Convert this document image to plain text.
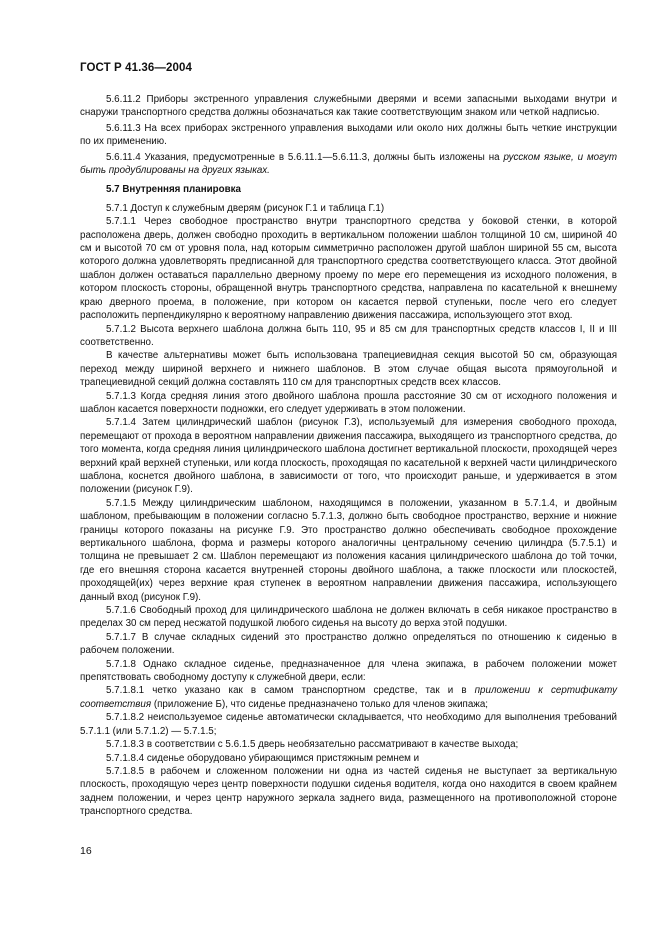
ГОСТ Р 41.36—2004

5.6.11.2 Приборы экстренного управления служебными дверями и всеми запасными выходами внутри и снаружи транспортного средства должны обозначаться как такие соответствующим знаком или четкой надписью.

5.6.11.3 На всех приборах экстренного управления выходами или около них должны быть четкие инструкции по их применению.

5.6.11.4 Указания, предусмотренные в 5.6.11.1—5.6.11.3, должны быть изложены на русском языке, и могут быть продублированы на других языках.

5.7 Внутренняя планировка

5.7.1 Доступ к служебным дверям (рисунок Г.1 и таблица Г.1)

5.7.1.1 Через свободное пространство внутри транспортного средства у боковой стенки, в которой расположена дверь, должен свободно проходить в вертикальном положении шаблон толщиной 10 см, шириной 40 см и высотой 70 см от уровня пола, над которым симметрично расположен другой шаблон шириной 55 см, высота которого должна удовлетворять предписанной для транспортного средства соответствующего класса. Этот двойной шаблон должен оставаться параллельно дверному проему по мере его перемещения из исходного положения, в котором плоскость стороны, обращенной внутрь транспортного средства, направлена по касательной к внешнему краю дверного проема, в положение, при котором он касается первой ступеньки, после чего его следует расположить перпендикулярно к вероятному направлению движения пассажира, использующего этот вход.

5.7.1.2 Высота верхнего шаблона должна быть 110, 95 и 85 см для транспортных средств классов I, II и III соответственно.

В качестве альтернативы может быть использована трапециевидная секция высотой 50 см, образующая переход между шириной верхнего и нижнего шаблонов. В этом случае общая высота прямоугольной и трапециевидной секций должна составлять 110 см для транспортных средств всех классов.

5.7.1.3 Когда средняя линия этого двойного шаблона прошла расстояние 30 см от исходного положения и шаблон касается поверхности подножки, его следует удерживать в этом положении.

5.7.1.4 Затем цилиндрический шаблон (рисунок Г.3), используемый для измерения свободного прохода, перемещают от прохода в вероятном направлении движения пассажира, выходящего из транспортного средства, до того момента, когда средняя линия цилиндрического шаблона достигнет вертикальной плоскости, проходящей через верхний край верхней ступеньки, или когда плоскость, проходящая по касательной к верхней части цилиндрического шаблона, коснется двойного шаблона, в зависимости от того, что происходит раньше, и удерживается в этом положении (рисунок Г.9).

5.7.1.5 Между цилиндрическим шаблоном, находящимся в положении, указанном в 5.7.1.4, и двойным шаблоном, пребывающим в положении согласно 5.7.1.3, должно быть свободное пространство, верхние и нижние границы которого показаны на рисунке Г.9. Это пространство должно обеспечивать свободное прохождение вертикального шаблона, форма и размеры которого аналогичны центральному сечению цилиндра (5.7.5.1) и толщина не превышает 2 см. Шаблон перемещают из положения касания цилиндрического шаблона до той точки, где его внешняя сторона касается внутренней стороны двойного шаблона, а также плоскости или плоскостей, проходящей(их) через верхние края ступенек в вероятном направлении движения пассажира, использующего данный вход (рисунок Г.9).

5.7.1.6 Свободный проход для цилиндрического шаблона не должен включать в себя никакое пространство в пределах 30 см перед несжатой подушкой любого сиденья на высоту до верха этой подушки.

5.7.1.7 В случае складных сидений это пространство должно определяться по отношению к сиденью в рабочем положении.

5.7.1.8 Однако складное сиденье, предназначенное для члена экипажа, в рабочем положении может препятствовать свободному доступу к служебной двери, если:

5.7.1.8.1 четко указано как в самом транспортном средстве, так и в приложении к сертификату соответствия (приложение Б), что сиденье предназначено только для членов экипажа;

5.7.1.8.2 неиспользуемое сиденье автоматически складывается, что необходимо для выполнения требований 5.7.1.1 (или 5.7.1.2) — 5.7.1.5;

5.7.1.8.3 в соответствии с 5.6.1.5 дверь необязательно рассматривают в качестве выхода;

5.7.1.8.4 сиденье оборудовано убирающимся пристяжным ремнем и

5.7.1.8.5 в рабочем и сложенном положении ни одна из частей сиденья не выступает за вертикальную плоскость, проходящую через центр поверхности подушки сиденья водителя, когда оно находится в своем крайнем заднем положении, и через центр наружного зеркала заднего вида, размещенного на противоположной стороне транспортного средства.

16
